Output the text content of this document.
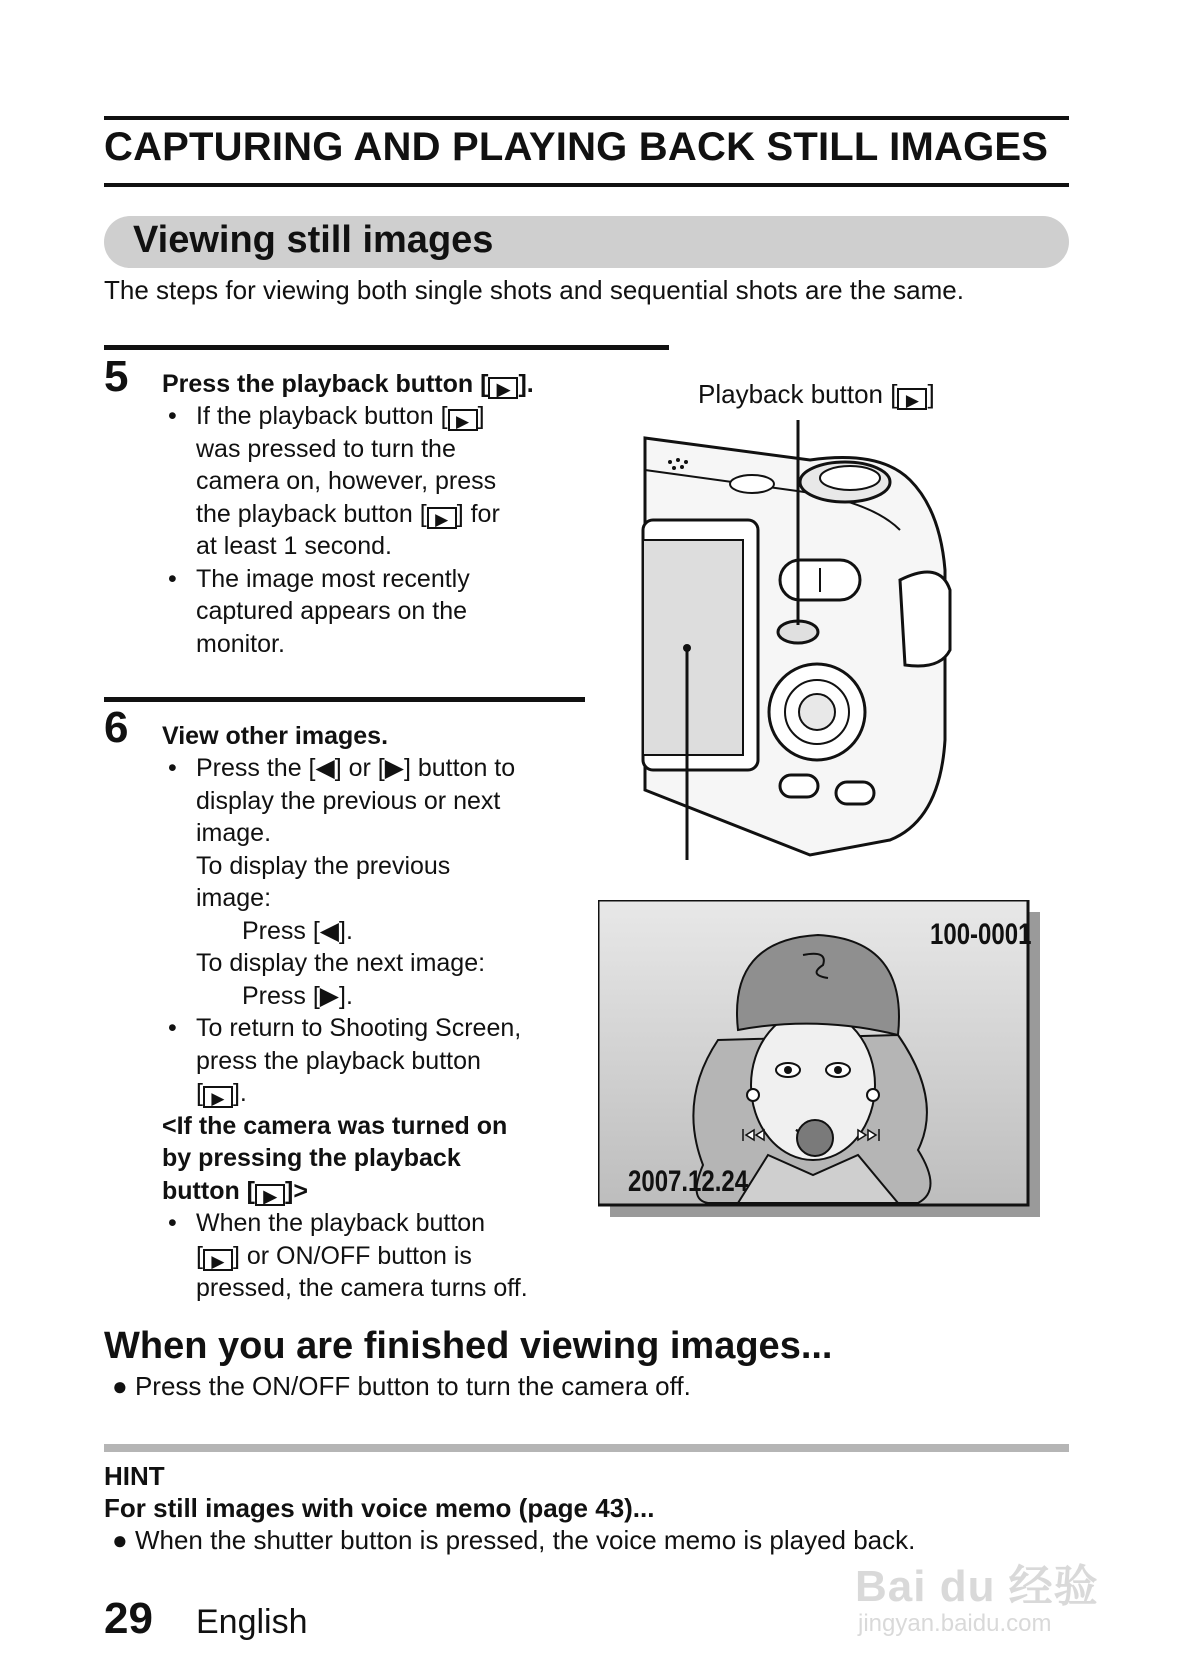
CAPTURING AND PLAYING BACK STILL IMAGES
Viewing still images
The steps for viewing both single shots and sequential shots are the same.
5 Press the playback button [ ▶ ].
• If the playback button [ ▶ ]
was pressed to turn the
camera on, however, press
the playback button [ ▶ ] for
at least 1 second.
• The image most recently
captured appears on the
monitor.
6 View other images.
• Press the [◀] or [▶] button to
display the previous or next
image.
To display the previous
image:
Press [◀].
To display the next image:
Press [▶].
• To return to Shooting Screen,
press the playback button
[ ▶ ].
<If the camera was turned on
by pressing the playback
button [ ▶ ]>
• When the playback button
[ ▶ ] or ON/OFF button is
pressed, the camera turns off.
Playback button [ ▶ ]
100-0001
2007.12.24
When you are finished viewing images...
● Press the ON/OFF button to turn the camera off.
HINT
For still images with voice memo (page 43)...
● When the shutter button is pressed, the voice memo is played back.
29 English
Bai du 经验
jingyan.baidu.com
